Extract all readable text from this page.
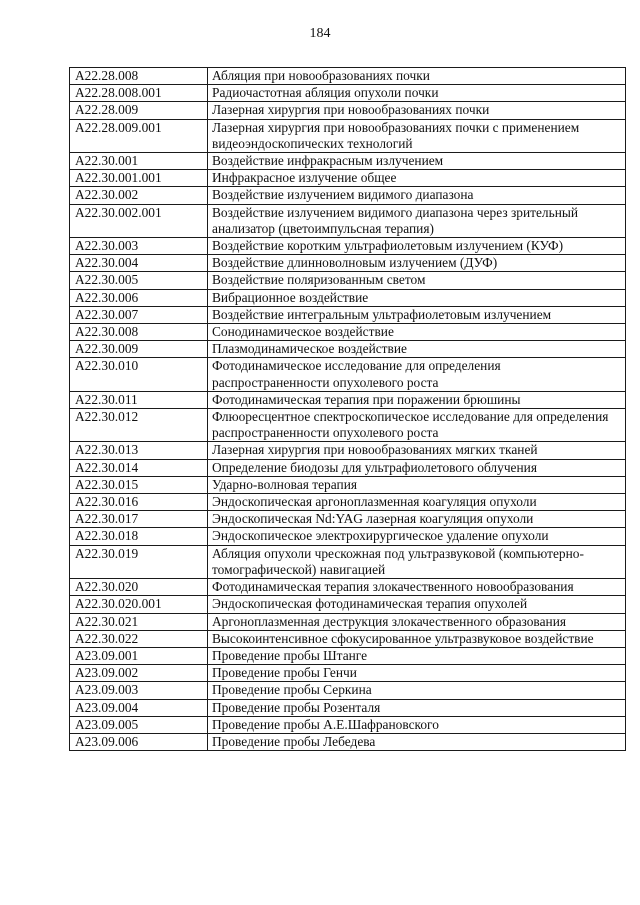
184
A22.28.008	Абляция при новообразованиях почки
A22.28.008.001	Радиочастотная абляция опухоли почки
A22.28.009	Лазерная хирургия при новообразованиях почки
A22.28.009.001	Лазерная хирургия при новообразованиях почки с применением видеоэндоскопических технологий
A22.30.001	Воздействие инфракрасным излучением
A22.30.001.001	Инфракрасное излучение общее
A22.30.002	Воздействие излучением видимого диапазона
A22.30.002.001	Воздействие излучением видимого диапазона через зрительный анализатор (цветоимпульсная терапия)
A22.30.003	Воздействие коротким ультрафиолетовым излучением (КУФ)
A22.30.004	Воздействие длинноволновым излучением (ДУФ)
A22.30.005	Воздействие поляризованным светом
A22.30.006	Вибрационное воздействие
A22.30.007	Воздействие интегральным ультрафиолетовым излучением
A22.30.008	Сонодинамическое воздействие
A22.30.009	Плазмодинамическое воздействие
A22.30.010	Фотодинамическое исследование для определения распространенности опухолевого роста
A22.30.011	Фотодинамическая терапия при поражении брюшины
A22.30.012	Флюоресцентное спектроскопическое исследование для определения распространенности опухолевого роста
A22.30.013	Лазерная хирургия при новообразованиях мягких тканей
A22.30.014	Определение биодозы для ультрафиолетового облучения
A22.30.015	Ударно-волновая терапия
A22.30.016	Эндоскопическая аргоноплазменная коагуляция опухоли
A22.30.017	Эндоскопическая Nd:YAG лазерная коагуляция опухоли
A22.30.018	Эндоскопическое электрохирургическое удаление опухоли
A22.30.019	Абляция опухоли чрескожная под ультразвуковой (компьютерно-томографической) навигацией
A22.30.020	Фотодинамическая терапия злокачественного новообразования
A22.30.020.001	Эндоскопическая фотодинамическая терапия опухолей
A22.30.021	Аргоноплазменная деструкция злокачественного образования
A22.30.022	Высокоинтенсивное сфокусированное ультразвуковое воздействие
A23.09.001	Проведение пробы Штанге
A23.09.002	Проведение пробы Генчи
A23.09.003	Проведение пробы Серкина
A23.09.004	Проведение пробы Розенталя
A23.09.005	Проведение пробы А.Е.Шафрановского
A23.09.006	Проведение пробы Лебедева
